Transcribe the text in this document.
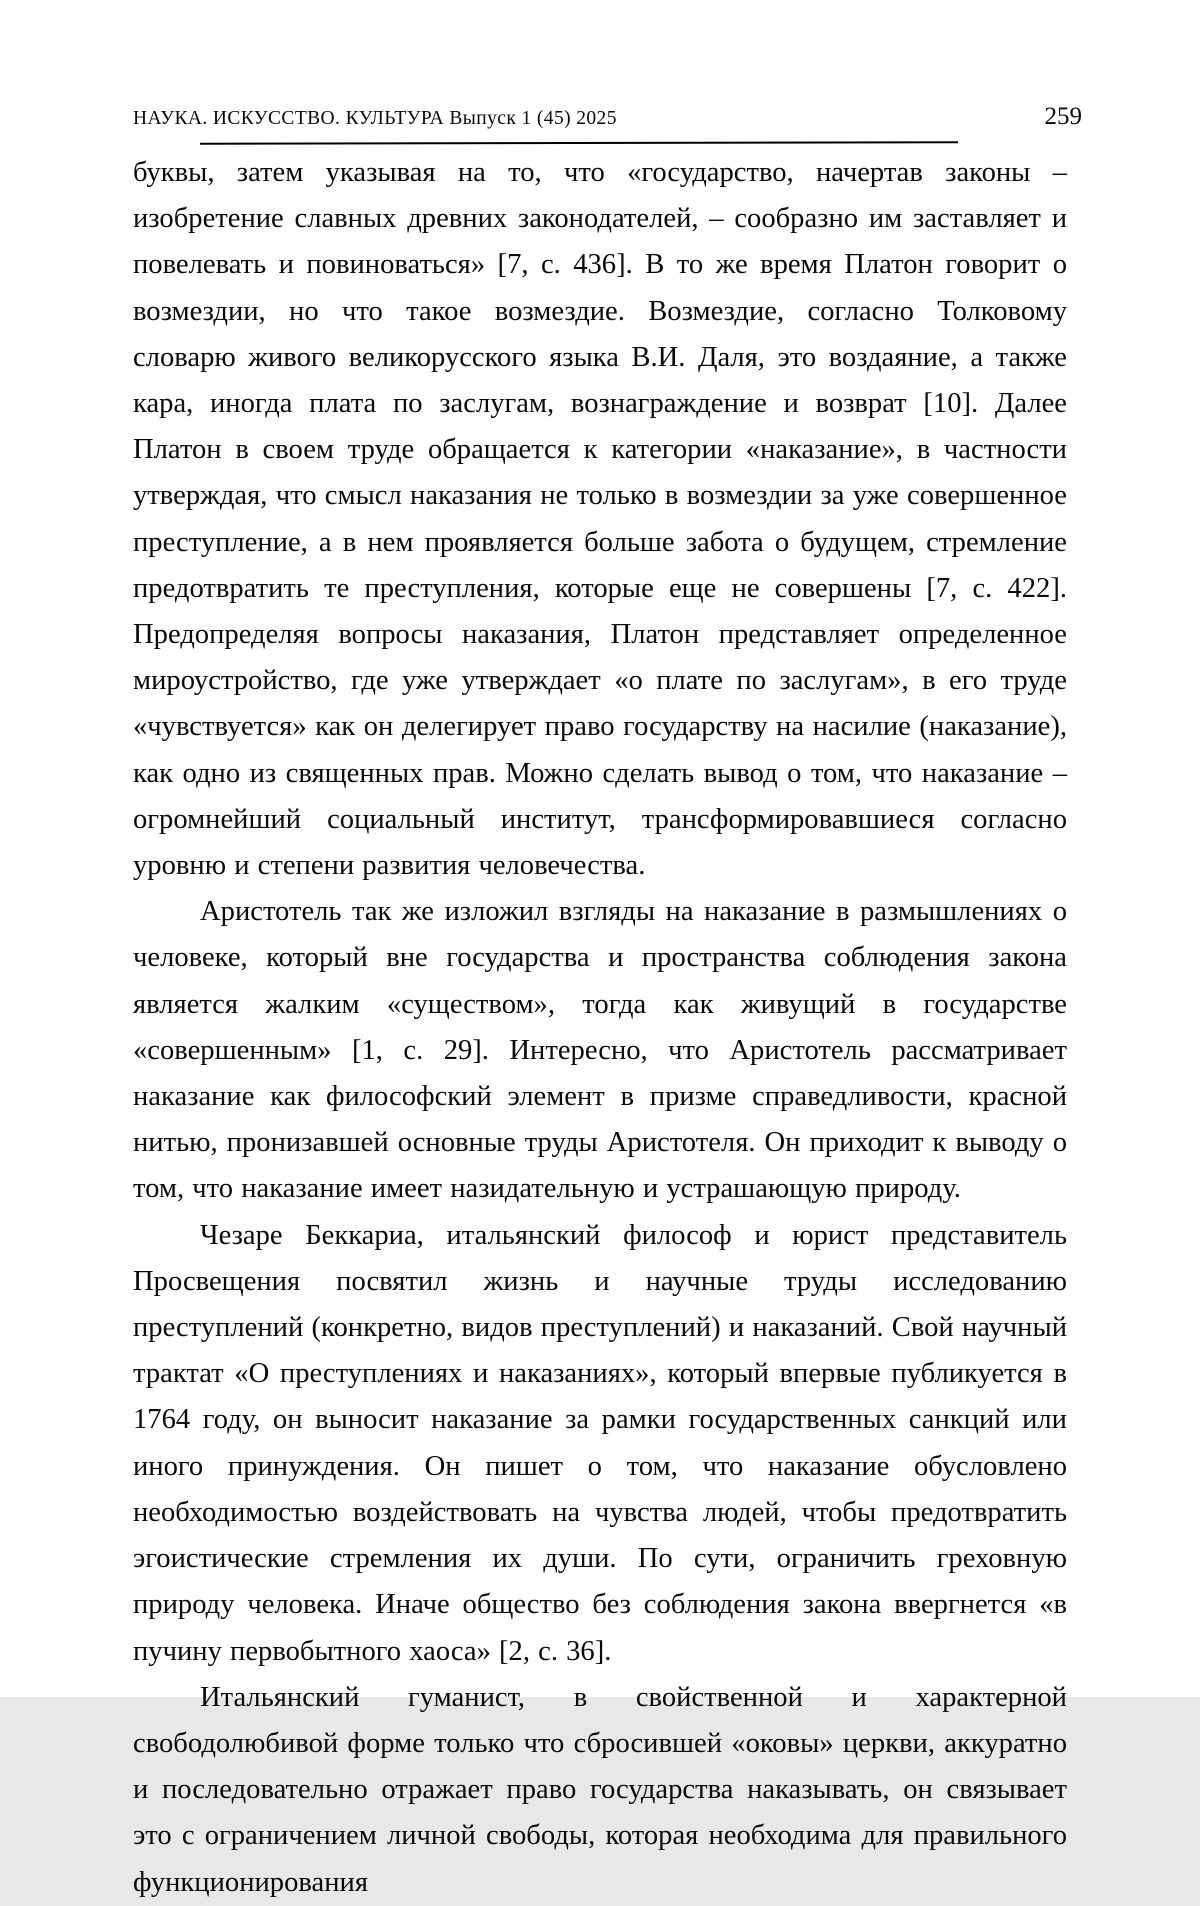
НАУКА. ИСКУССТВО. КУЛЬТУРА Выпуск 1 (45) 2025	259

буквы, затем указывая на то, что «государство, начертав законы – изобретение славных древних законодателей, – сообразно им заставляет и повелевать и повиноваться» [7, с. 436]. В то же время Платон говорит о возмездии, но что такое возмездие. Возмездие, согласно Толковому словарю живого великорусского языка В.И. Даля, это воздаяние, а также кара, иногда плата по заслугам, вознаграждение и возврат [10]. Далее Платон в своем труде обращается к категории «наказание», в частности утверждая, что смысл наказания не только в возмездии за уже совершенное преступление, а в нем проявляется больше забота о будущем, стремление предотвратить те преступления, которые еще не совершены [7, с. 422]. Предопределяя вопросы наказания, Платон представляет определенное мироустройство, где уже утверждает «о плате по заслугам», в его труде «чувствуется» как он делегирует право государству на насилие (наказание), как одно из священных прав. Можно сделать вывод о том, что наказание – огромнейший социальный институт, трансформировавшиеся согласно уровню и степени развития человечества.

Аристотель так же изложил взгляды на наказание в размышлениях о человеке, который вне государства и пространства соблюдения закона является жалким «существом», тогда как живущий в государстве «совершенным» [1, с. 29]. Интересно, что Аристотель рассматривает наказание как философский элемент в призме справедливости, красной нитью, пронизавшей основные труды Аристотеля. Он приходит к выводу о том, что наказание имеет назидательную и устрашающую природу.

Чезаре Беккариа, итальянский философ и юрист представитель Просвещения посвятил жизнь и научные труды исследованию преступлений (конкретно, видов преступлений) и наказаний. Свой научный трактат «О преступлениях и наказаниях», который впервые публикуется в 1764 году, он выносит наказание за рамки государственных санкций или иного принуждения. Он пишет о том, что наказание обусловлено необходимостью воздействовать на чувства людей, чтобы предотвратить эгоистические стремления их души. По сути, ограничить греховную природу человека. Иначе общество без соблюдения закона ввергнется «в пучину первобытного хаоса» [2, с. 36].

Итальянский гуманист, в свойственной и характерной свободолюбивой форме только что сбросившей «оковы» церкви, аккуратно и последовательно отражает право государства наказывать, он связывает это с ограничением личной свободы, которая необходима для правильного функционирования
